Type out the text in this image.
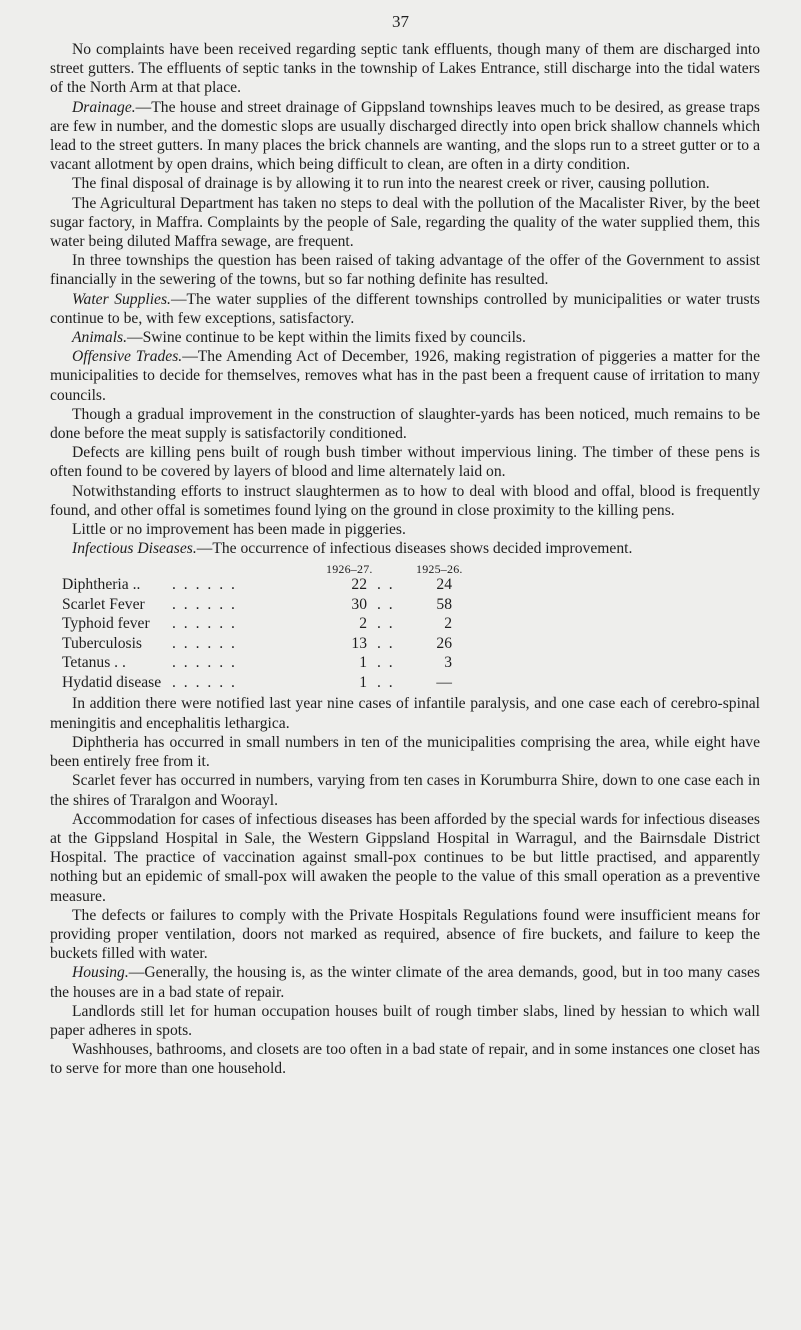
37

No complaints have been received regarding septic tank effluents, though many of them are discharged into street gutters. The effluents of septic tanks in the township of Lakes Entrance, still discharge into the tidal waters of the North Arm at that place.

Drainage.—The house and street drainage of Gippsland townships leaves much to be desired, as grease traps are few in number, and the domestic slops are usually discharged directly into open brick shallow channels which lead to the street gutters. In many places the brick channels are wanting, and the slops run to a street gutter or to a vacant allotment by open drains, which being difficult to clean, are often in a dirty condition.

The final disposal of drainage is by allowing it to run into the nearest creek or river, causing pollution.

The Agricultural Department has taken no steps to deal with the pollution of the Macalister River, by the beet sugar factory, in Maffra. Complaints by the people of Sale, regarding the quality of the water supplied them, this water being diluted Maffra sewage, are frequent.

In three townships the question has been raised of taking advantage of the offer of the Government to assist financially in the sewering of the towns, but so far nothing definite has resulted.

Water Supplies.—The water supplies of the different townships controlled by municipalities or water trusts continue to be, with few exceptions, satisfactory.

Animals.—Swine continue to be kept within the limits fixed by councils.

Offensive Trades.—The Amending Act of December, 1926, making registration of piggeries a matter for the municipalities to decide for themselves, removes what has in the past been a frequent cause of irritation to many councils.

Though a gradual improvement in the construction of slaughter-yards has been noticed, much remains to be done before the meat supply is satisfactorily conditioned.

Defects are killing pens built of rough bush timber without impervious lining. The timber of these pens is often found to be covered by layers of blood and lime alternately laid on.

Notwithstanding efforts to instruct slaughtermen as to how to deal with blood and offal, blood is frequently found, and other offal is sometimes found lying on the ground in close proximity to the killing pens.

Little or no improvement has been made in piggeries.

Infectious Diseases.—The occurrence of infectious diseases shows decided improvement.

1926–27.	1925–26.
Diphtheria .. . . . . . .	22	24
. .
Scarlet Fever . . . . . .	30	58
. .
Typhoid fever . . . . . .	2	2
. .
Tuberculosis . . . . . .	13	26
. .
Tetanus . .	. . . . . .	1	3
. .
Hydatid disease . . . . . .	1	—
. .

In addition there were notified last year nine cases of infantile paralysis, and one case each of cerebro-spinal meningitis and encephalitis lethargica.

Diphtheria has occurred in small numbers in ten of the municipalities comprising the area, while eight have been entirely free from it.

Scarlet fever has occurred in numbers, varying from ten cases in Korumburra Shire, down to one case each in the shires of Traralgon and Woorayl.

Accommodation for cases of infectious diseases has been afforded by the special wards for infectious diseases at the Gippsland Hospital in Sale, the Western Gippsland Hospital in Warragul, and the Bairnsdale District Hospital. The practice of vaccination against small-pox continues to be but little practised, and apparently nothing but an epidemic of small-pox will awaken the people to the value of this small operation as a preventive measure.

The defects or failures to comply with the Private Hospitals Regulations found were insufficient means for providing proper ventilation, doors not marked as required, absence of fire buckets, and failure to keep the buckets filled with water.

Housing.—Generally, the housing is, as the winter climate of the area demands, good, but in too many cases the houses are in a bad state of repair.

Landlords still let for human occupation houses built of rough timber slabs, lined by hessian to which wall paper adheres in spots.

Washhouses, bathrooms, and closets are too often in a bad state of repair, and in some instances one closet has to serve for more than one household.
